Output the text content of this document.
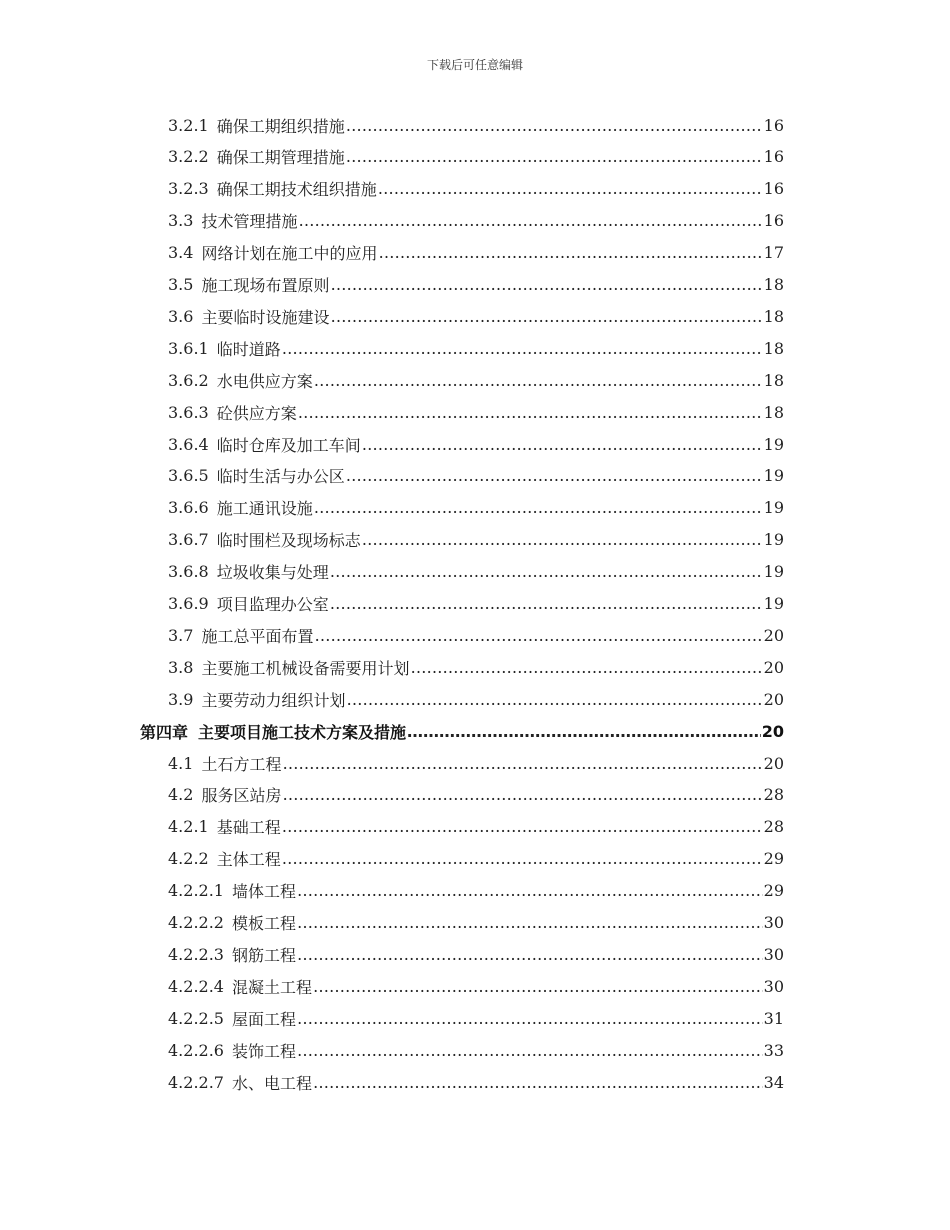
下载后可任意编辑
3.2.1 确保工期组织措施 …………………………………………………………………………………………………………………………………………………………………………………………………………………………	16
3.2.2 确保工期管理措施 …………………………………………………………………………………………………………………………………………………………………………………………………………………………	16
3.2.3 确保工期技术组织措施 …………………………………………………………………………………………………………………………………………………………………………………………………………………………	16
3.3 技术管理措施 …………………………………………………………………………………………………………………………………………………………………………………………………………………………	16
3.4 网络计划在施工中的应用 …………………………………………………………………………………………………………………………………………………………………………………………………………………………	17
3.5 施工现场布置原则 …………………………………………………………………………………………………………………………………………………………………………………………………………………………	18
3.6 主要临时设施建设 …………………………………………………………………………………………………………………………………………………………………………………………………………………………	18
3.6.1 临时道路 …………………………………………………………………………………………………………………………………………………………………………………………………………………………	18
3.6.2 水电供应方案 …………………………………………………………………………………………………………………………………………………………………………………………………………………………	18
3.6.3 砼供应方案 …………………………………………………………………………………………………………………………………………………………………………………………………………………………	18
3.6.4 临时仓库及加工车间 …………………………………………………………………………………………………………………………………………………………………………………………………………………………	19
3.6.5 临时生活与办公区 …………………………………………………………………………………………………………………………………………………………………………………………………………………………	19
3.6.6 施工通讯设施 …………………………………………………………………………………………………………………………………………………………………………………………………………………………	19
3.6.7 临时围栏及现场标志 …………………………………………………………………………………………………………………………………………………………………………………………………………………………	19
3.6.8 垃圾收集与处理 …………………………………………………………………………………………………………………………………………………………………………………………………………………………	19
3.6.9 项目监理办公室 …………………………………………………………………………………………………………………………………………………………………………………………………………………………	19
3.7 施工总平面布置 …………………………………………………………………………………………………………………………………………………………………………………………………………………………	20
3.8 主要施工机械设备需要用计划 …………………………………………………………………………………………………………………………………………………………………………………………………………………………	20
3.9 主要劳动力组织计划 …………………………………………………………………………………………………………………………………………………………………………………………………………………………	20
第四章 主要项目施工技术方案及措施 …………………………………………………………………………………………………………………………………………………………………………………………………………………………	20
4.1 土石方工程 …………………………………………………………………………………………………………………………………………………………………………………………………………………………	20
4.2 服务区站房 …………………………………………………………………………………………………………………………………………………………………………………………………………………………	28
4.2.1 基础工程 …………………………………………………………………………………………………………………………………………………………………………………………………………………………	28
4.2.2 主体工程 …………………………………………………………………………………………………………………………………………………………………………………………………………………………	29
4.2.2.1 墙体工程 …………………………………………………………………………………………………………………………………………………………………………………………………………………………	29
4.2.2.2 模板工程 …………………………………………………………………………………………………………………………………………………………………………………………………………………………	30
4.2.2.3 钢筋工程 …………………………………………………………………………………………………………………………………………………………………………………………………………………………	30
4.2.2.4 混凝土工程 …………………………………………………………………………………………………………………………………………………………………………………………………………………………	30
4.2.2.5 屋面工程 …………………………………………………………………………………………………………………………………………………………………………………………………………………………	31
4.2.2.6 装饰工程 …………………………………………………………………………………………………………………………………………………………………………………………………………………………	33
4.2.2.7 水、电工程 …………………………………………………………………………………………………………………………………………………………………………………………………………………………	34
